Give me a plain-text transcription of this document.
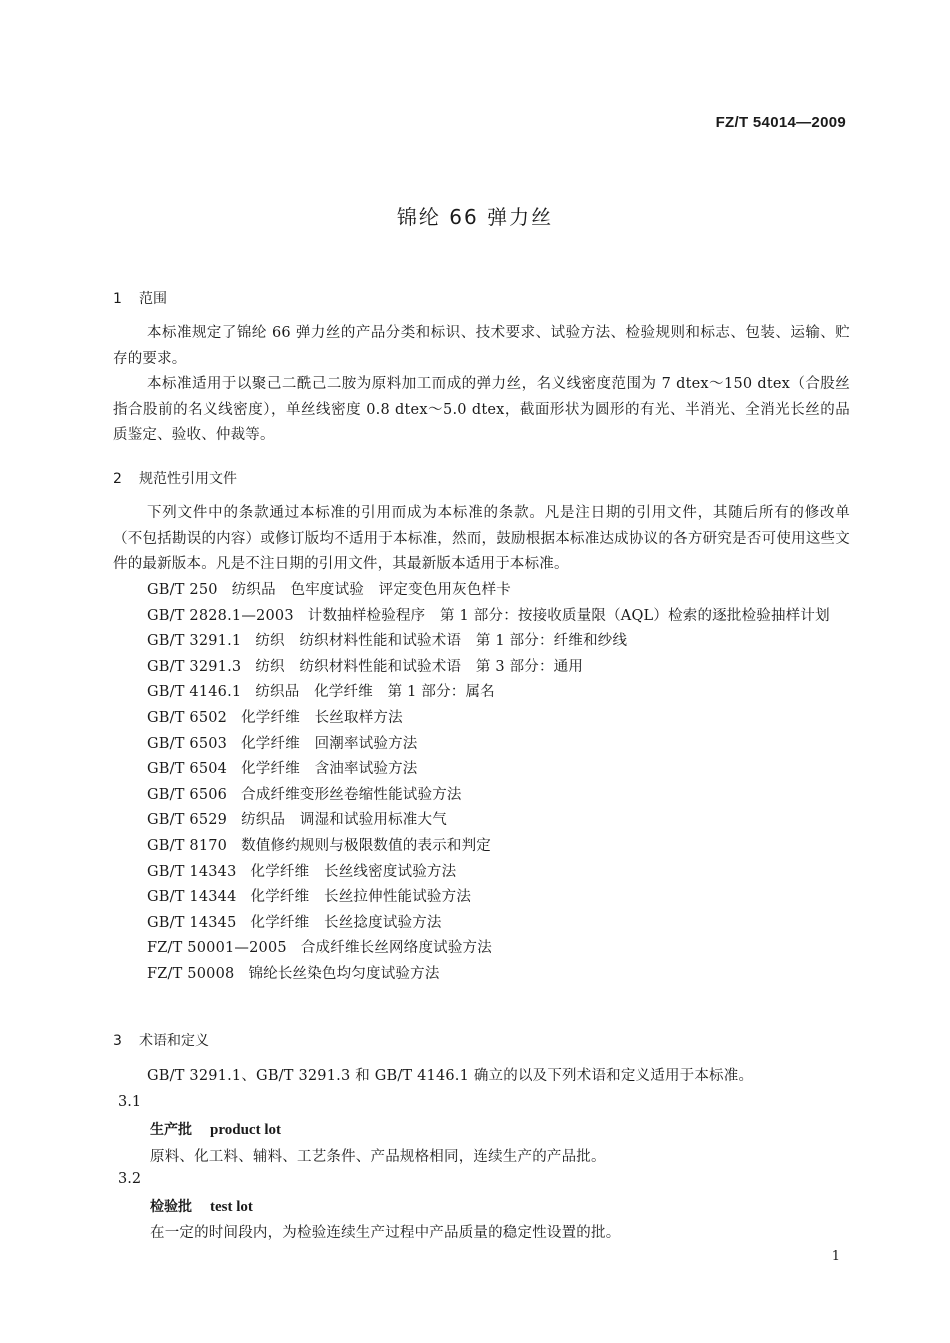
FZ/T 54014—2009
锦纶 66 弹力丝
1 范围
本标准规定了锦纶 66 弹力丝的产品分类和标识、技术要求、试验方法、检验规则和标志、包装、运输、贮存的要求。
本标准适用于以聚己二酰己二胺为原料加工而成的弹力丝，名义线密度范围为 7 dtex～150 dtex（合股丝指合股前的名义线密度），单丝线密度 0.8 dtex～5.0 dtex，截面形状为圆形的有光、半消光、全消光长丝的品质鉴定、验收、仲裁等。
2 规范性引用文件
下列文件中的条款通过本标准的引用而成为本标准的条款。凡是注日期的引用文件，其随后所有的修改单（不包括勘误的内容）或修订版均不适用于本标准，然而，鼓励根据本标准达成协议的各方研究是否可使用这些文件的最新版本。凡是不注日期的引用文件，其最新版本适用于本标准。
GB/T 250 纺织品　色牢度试验　评定变色用灰色样卡
GB/T 2828.1—2003 计数抽样检验程序　第 1 部分：按接收质量限（AQL）检索的逐批检验抽样计划
GB/T 3291.1 纺织　纺织材料性能和试验术语　第 1 部分：纤维和纱线
GB/T 3291.3 纺织　纺织材料性能和试验术语　第 3 部分：通用
GB/T 4146.1 纺织品　化学纤维　第 1 部分：属名
GB/T 6502 化学纤维　长丝取样方法
GB/T 6503 化学纤维　回潮率试验方法
GB/T 6504 化学纤维　含油率试验方法
GB/T 6506 合成纤维变形丝卷缩性能试验方法
GB/T 6529 纺织品　调湿和试验用标准大气
GB/T 8170 数值修约规则与极限数值的表示和判定
GB/T 14343 化学纤维　长丝线密度试验方法
GB/T 14344 化学纤维　长丝拉伸性能试验方法
GB/T 14345 化学纤维　长丝捻度试验方法
FZ/T 50001—2005 合成纤维长丝网络度试验方法
FZ/T 50008 锦纶长丝染色均匀度试验方法
3 术语和定义
GB/T 3291.1、GB/T 3291.3 和 GB/T 4146.1 确立的以及下列术语和定义适用于本标准。
3.1
生产批 product lot
原料、化工料、辅料、工艺条件、产品规格相同，连续生产的产品批。
3.2
检验批 test lot
在一定的时间段内，为检验连续生产过程中产品质量的稳定性设置的批。
1
